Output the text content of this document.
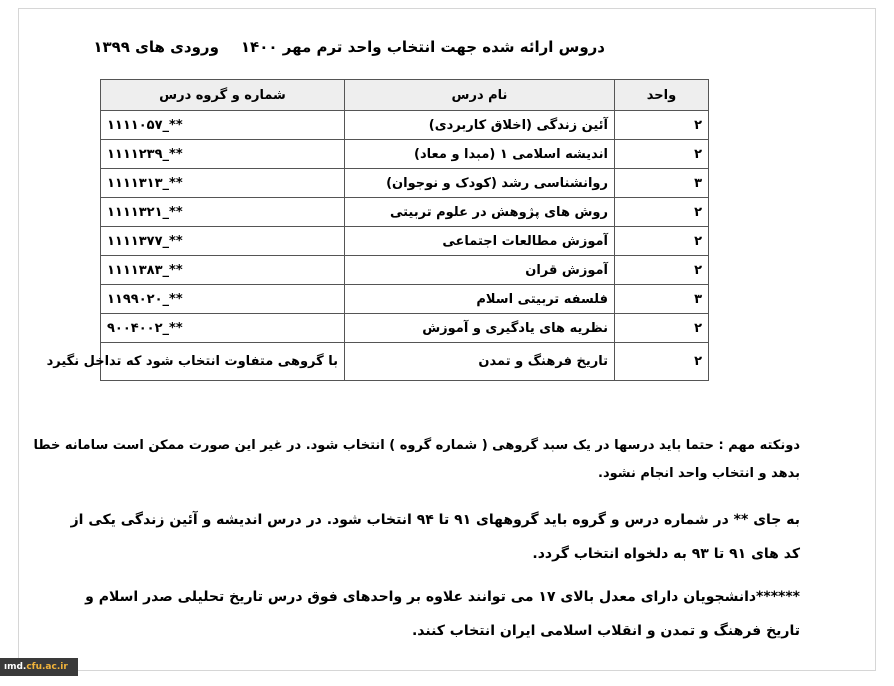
دروس ارائه شده جهت انتخاب واحد ترم مهر ۱۴۰۰ورودی های ۱۳۹۹
واحد	نام درس	شماره و گروه درس
۲	آئین زندگی (اخلاق کاربردی)	۱۱۱۱۰۵۷_**
۲	اندیشه اسلامی ۱ (مبدا و معاد)	۱۱۱۱۲۳۹_**
۳	روانشناسی رشد (کودک و نوجوان)	۱۱۱۱۳۱۳_**
۲	روش های پژوهش در علوم تربیتی	۱۱۱۱۳۲۱_**
۲	آموزش مطالعات اجتماعی	۱۱۱۱۳۷۷_**
۲	آموزش قران	۱۱۱۱۳۸۳_**
۳	فلسفه تربیتی اسلام	۱۱۹۹۰۲۰_**
۲	نظریه های یادگیری و آموزش	۹۰۰۴۰۰۲_**
۲	تاریخ فرهنگ و تمدن	با گروهی متفاوت انتخاب شود که تداخل نگیرد
دونکته مهم : حتما باید درسها در یک سبد گروهی ( شماره گروه ) انتخاب شود. در غیر این صورت ممکن است سامانه خطا
بدهد و انتخاب واحد انجام نشود.
به جای ** در شماره درس و گروه باید گروههای ۹۱ تا ۹۴ انتخاب شود. در درس اندیشه و آئین زندگی یکی از
کد های ۹۱ تا ۹۳ به دلخواه انتخاب گردد.
******دانشجویان دارای معدل بالای ۱۷ می توانند علاوه بر واحدهای فوق درس تاریخ تحلیلی صدر اسلام و
تاریخ فرهنگ و تمدن و انقلاب اسلامی ایران انتخاب کنند.
ımd.cfu.ac.ir
